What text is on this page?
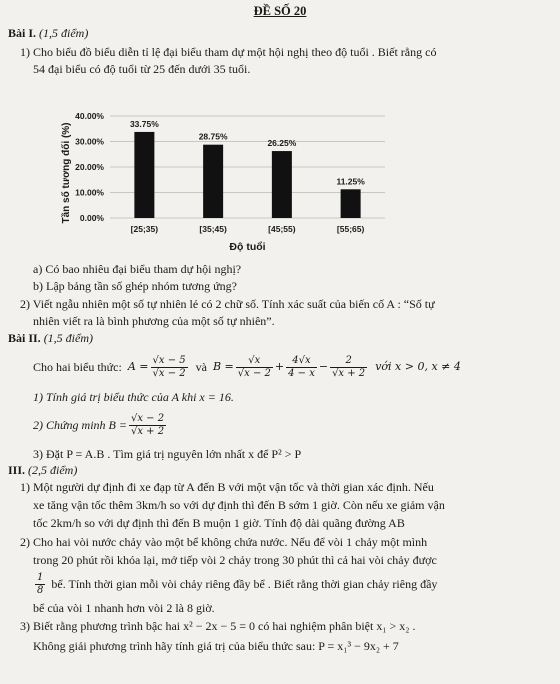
ĐỀ SỐ 20
Bài I. (1,5 điểm)
1) Cho biểu đồ biểu diễn tỉ lệ đại biểu tham dự một hội nghị theo độ tuổi . Biết rằng có
54 đại biểu có độ tuổi từ 25 đến dưới 35 tuổi.
0.00%
10.00%
20.00%
30.00%
40.00%
33.75%
[25;35)
28.75%
[35;45)
26.25%
[45;55)
11.25%
[55;65)
Tần số tương đối (%)
Độ tuổi
a) Có bao nhiêu đại biểu tham dự hội nghị?
b) Lập bảng tần số ghép nhóm tương ứng?
2) Viết ngẫu nhiên một số tự nhiên lẻ có 2 chữ số. Tính xác suất của biến cố A : “Số tự
nhiên viết ra là bình phương của một số tự nhiên”.
Bài II. (1,5 điểm)
Cho hai biểu thức: $A = \frac{√x - 5}{√x - 2}$ và $B = \frac{√x}{√x - 2} + \frac{4√x}{4 - x} - \frac{2}{√x + 2}$ với x > 0, x ≠ 4
1) Tính giá trị biểu thức của A khi x = 16.
2) Chứng minh $B = \frac{√x - 2}{√x + 2}$
3) Đặt P = A.B . Tìm giá trị nguyên lớn nhất x để P² > P
III. (2,5 điểm)
1) Một người dự định đi xe đạp từ A đến B với một vận tốc và thời gian xác định. Nếu
xe tăng vận tốc thêm 3km/h so với dự định thì đến B sớm 1 giờ. Còn nếu xe giảm vận
tốc 2km/h so với dự định thì đến B muộn 1 giờ. Tính độ dài quãng đường AB
2) Cho hai vòi nước chảy vào một bể không chứa nước. Nếu để vòi 1 chảy một mình
trong 20 phút rồi khóa lại, mở tiếp vòi 2 chảy trong 30 phút thì cả hai vòi chảy được
$\frac{1}{8}$ bể. Tính thời gian mỗi vòi chảy riêng đầy bể . Biết rằng thời gian chảy riêng đầy
bể của vòi 1 nhanh hơn vòi 2 là 8 giờ.
3) Biết rằng phương trình bậc hai x² − 2x − 5 = 0 có hai nghiệm phân biệt x₁ > x₂ .
Không giải phương trình hãy tính giá trị của biểu thức sau: P = x₁³ − 9x₂ + 7
